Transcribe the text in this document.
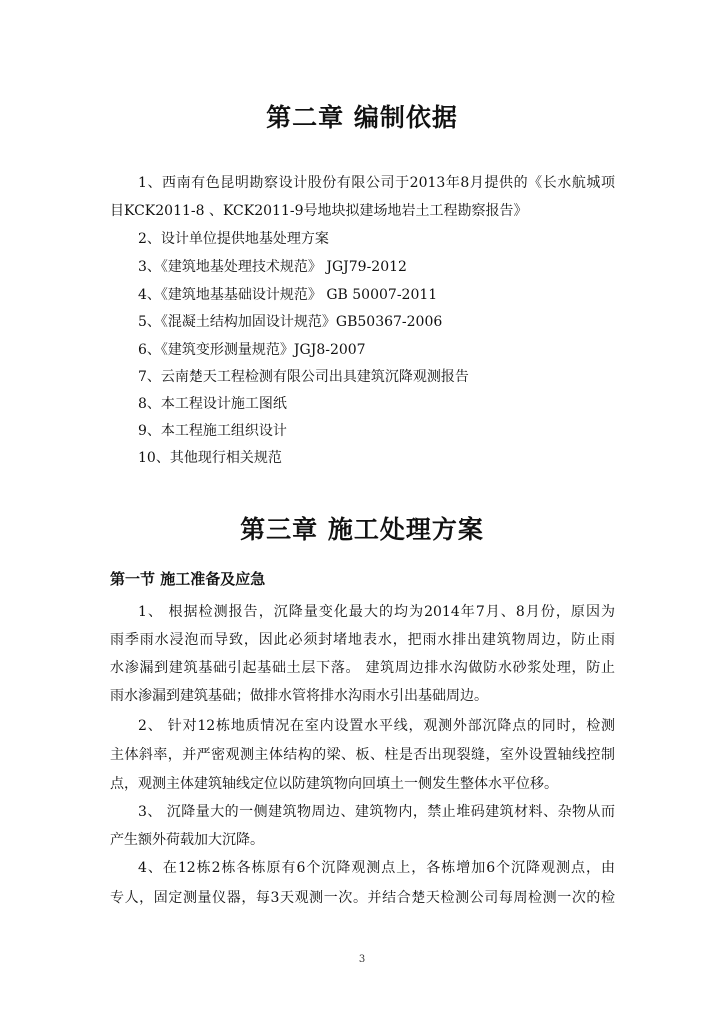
第二章 编制依据
1、西南有色昆明勘察设计股份有限公司于2013年8月提供的《长水航城项
目KCK2011-8 、KCK2011-9号地块拟建场地岩土工程勘察报告》
2、设计单位提供地基处理方案
3、《建筑地基处理技术规范》 JGJ79-2012
4、《建筑地基基础设计规范》 GB 50007-2011
5、《混凝土结构加固设计规范》GB50367-2006
6、《建筑变形测量规范》JGJ8-2007
7、云南楚天工程检测有限公司出具建筑沉降观测报告
8、本工程设计施工图纸
9、本工程施工组织设计
10、其他现行相关规范
第三章 施工处理方案
第一节 施工准备及应急
1、 根据检测报告，沉降量变化最大的均为2014年7月、8月份，原因为
雨季雨水浸泡而导致，因此必须封堵地表水，把雨水排出建筑物周边，防止雨
水渗漏到建筑基础引起基础土层下落。 建筑周边排水沟做防水砂浆处理，防止
雨水渗漏到建筑基础；做排水管将排水沟雨水引出基础周边。
2、 针对12栋地质情况在室内设置水平线，观测外部沉降点的同时，检测
主体斜率，并严密观测主体结构的梁、板、柱是否出现裂缝，室外设置轴线控制
点，观测主体建筑轴线定位以防建筑物向回填土一侧发生整体水平位移。
3、 沉降量大的一侧建筑物周边、建筑物内，禁止堆码建筑材料、杂物从而
产生额外荷载加大沉降。
4、在12栋2栋各栋原有6个沉降观测点上，各栋增加6个沉降观测点，由
专人，固定测量仪器，每3天观测一次。并结合楚天检测公司每周检测一次的检
3
